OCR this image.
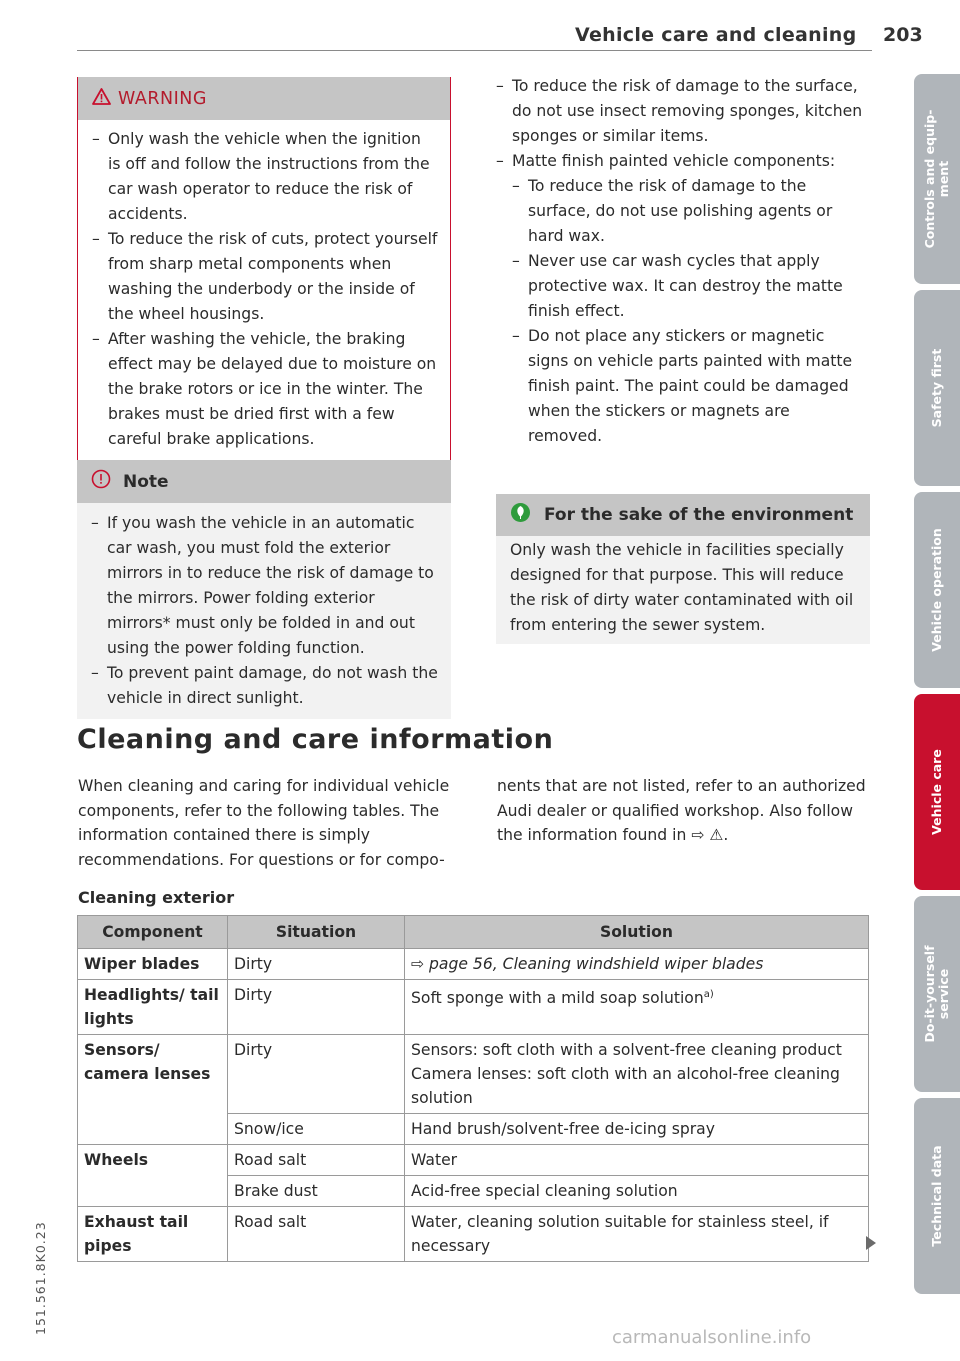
Vehicle care and cleaning 203
WARNING
– Only wash the vehicle when the ignition is off and follow the instructions from the car wash operator to reduce the risk of accidents.
– To reduce the risk of cuts, protect yourself from sharp metal components when washing the underbody or the inside of the wheel housings.
– After washing the vehicle, the braking effect may be delayed due to moisture on the brake rotors or ice in the winter. The brakes must be dried first with a few careful brake applications.
Note
– If you wash the vehicle in an automatic car wash, you must fold the exterior mirrors in to reduce the risk of damage to the mirrors. Power folding exterior mirrors* must only be folded in and out using the power folding function.
– To prevent paint damage, do not wash the vehicle in direct sunlight.
– To reduce the risk of damage to the surface, do not use insect removing sponges, kitchen sponges or similar items.
– Matte finish painted vehicle components:
– To reduce the risk of damage to the surface, do not use polishing agents or hard wax.
– Never use car wash cycles that apply protective wax. It can destroy the matte finish effect.
– Do not place any stickers or magnetic signs on vehicle parts painted with matte finish paint. The paint could be damaged when the stickers or magnets are removed.
For the sake of the environment
Only wash the vehicle in facilities specially designed for that purpose. This will reduce the risk of dirty water contaminated with oil from entering the sewer system.
Cleaning and care information
When cleaning and caring for individual vehicle components, refer to the following tables. The information contained there is simply recommendations. For questions or for compo-
nents that are not listed, refer to an authorized Audi dealer or qualified workshop. Also follow the information found in ⇨ ⚠.
Cleaning exterior
Component	Situation	Solution
Wiper blades	Dirty	⇨ page 56, Cleaning windshield wiper blades
Headlights/ tail lights	Dirty	Soft sponge with a mild soap solution$^{a)}$
Sensors/ camera lenses	Dirty	Sensors: soft cloth with a solvent-free cleaning product
Camera lenses: soft cloth with an alcohol-free cleaning solution

	Snow/ice	Hand brush/solvent-free de-icing spray
Wheels	Road salt	Water
	Brake dust	Acid-free special cleaning solution
Exhaust tail pipes	Road salt	Water, cleaning solution suitable for stainless steel, if necessary
Controls and equip-
ment
Safety first
Vehicle operation
Vehicle care
Do-it-yourself
service
Technical data
151.561.8K0.23
carmanualsonline.info
